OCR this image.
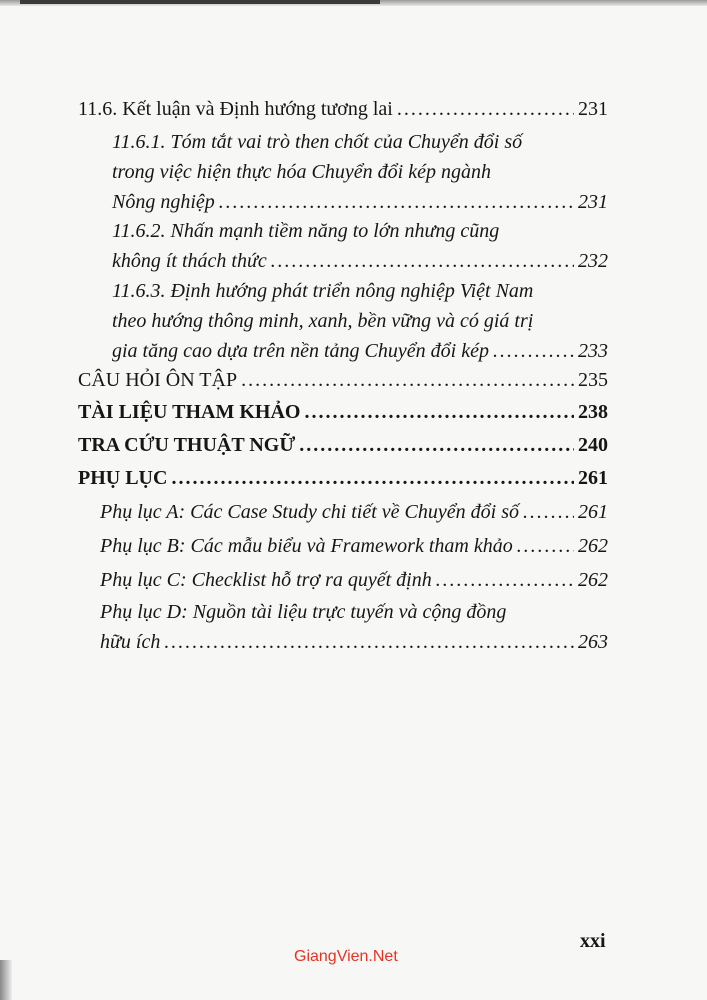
11.6. Kết luận và Định hướng tương lai .....	231
11.6.1. Tóm tắt vai trò then chốt của Chuyển đổi số
trong việc hiện thực hóa Chuyển đổi kép ngành
Nông nghiệp .....	231
11.6.2. Nhấn mạnh tiềm năng to lớn nhưng cũng
không ít thách thức .....	232
11.6.3. Định hướng phát triển nông nghiệp Việt Nam
theo hướng thông minh, xanh, bền vững và có giá trị
gia tăng cao dựa trên nền tảng Chuyển đổi kép .....	233
CÂU HỎI ÔN TẬP .....	235
TÀI LIỆU THAM KHẢO .....	238
TRA CỨU THUẬT NGỮ .....	240
PHỤ LỤC .....	261
Phụ lục A: Các Case Study chi tiết về Chuyển đổi số .....	261
Phụ lục B: Các mẫu biểu và Framework tham khảo .....	262
Phụ lục C: Checklist hỗ trợ ra quyết định .....	262
Phụ lục D: Nguồn tài liệu trực tuyến và cộng đồng
hữu ích .....	263
xxi
GiangVien.Net
